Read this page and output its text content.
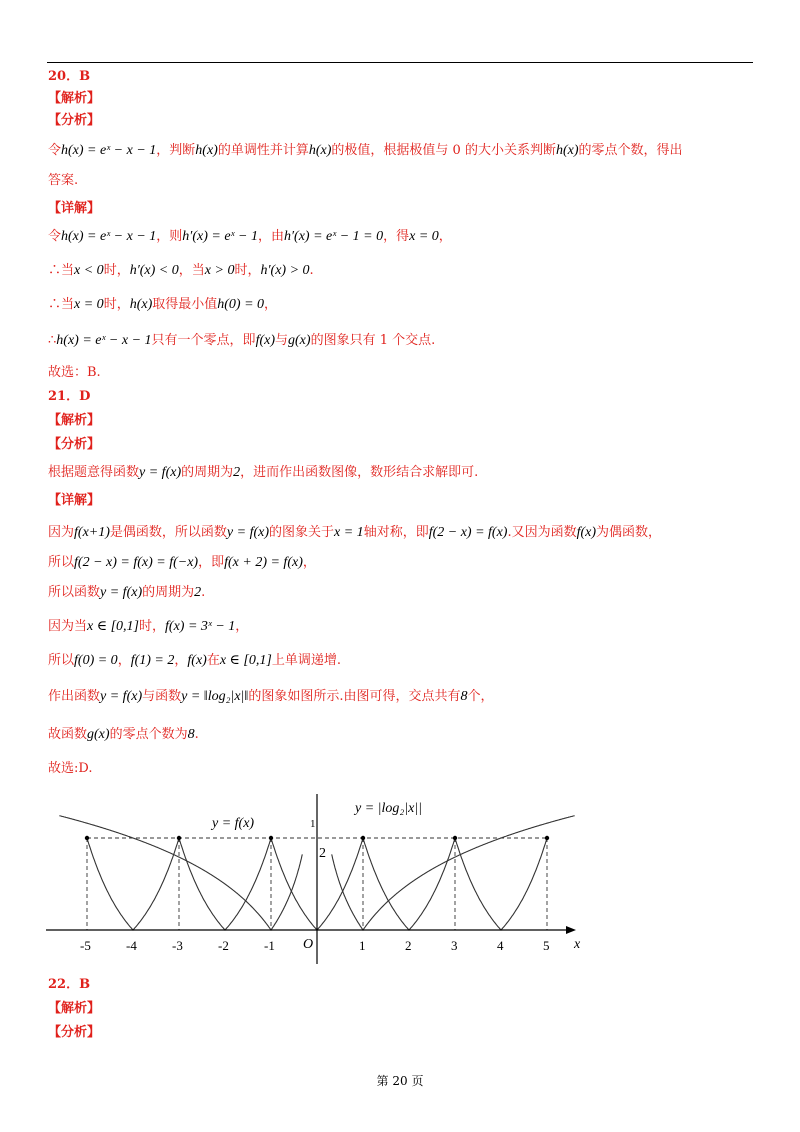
20．B
【解析】
【分析】
令h(x) = eˣ − x − 1，判断h(x)的单调性并计算h(x)的极值，根据极值与 0 的大小关系判断h(x)的零点个数，得出
答案.
【详解】
令h(x) = eˣ − x − 1，则h′(x) = eˣ − 1，由h′(x) = eˣ − 1 = 0，得x = 0，
∴当x < 0时，h′(x) < 0，当x > 0时，h′(x) > 0.
∴当x = 0时，h(x)取得最小值h(0) = 0，
∴h(x) = eˣ − x − 1只有一个零点，即f(x)与g(x)的图象只有 1 个交点.
故选：B.
21．D
【解析】
【分析】
根据题意得函数y = f(x)的周期为2，进而作出函数图像，数形结合求解即可.
【详解】
因为f(x+1)是偶函数，所以函数y = f(x)的图象关于x = 1轴对称，即f(2 − x) = f(x).又因为函数f(x)为偶函数，
所以f(2 − x) = f(x) = f(−x)，即f(x + 2) = f(x)，
所以函数y = f(x)的周期为2.
因为当x ∈ [0,1]时，f(x) = 3ˣ − 1，
所以f(0) = 0，f(1) = 2，f(x)在x ∈ [0,1]上单调递增.
作出函数y = f(x)与函数y = ‖log₂|x|‖的图象如图所示.由图可得，交点共有8个，
故函数g(x)的零点个数为8.
故选:D.
22．B
【解析】
【分析】
x
O
2
1
y = f(x)
y = |log₂|x||
-5	-4	-3	-2	-1	1	2	3	4	5
第 20 页
